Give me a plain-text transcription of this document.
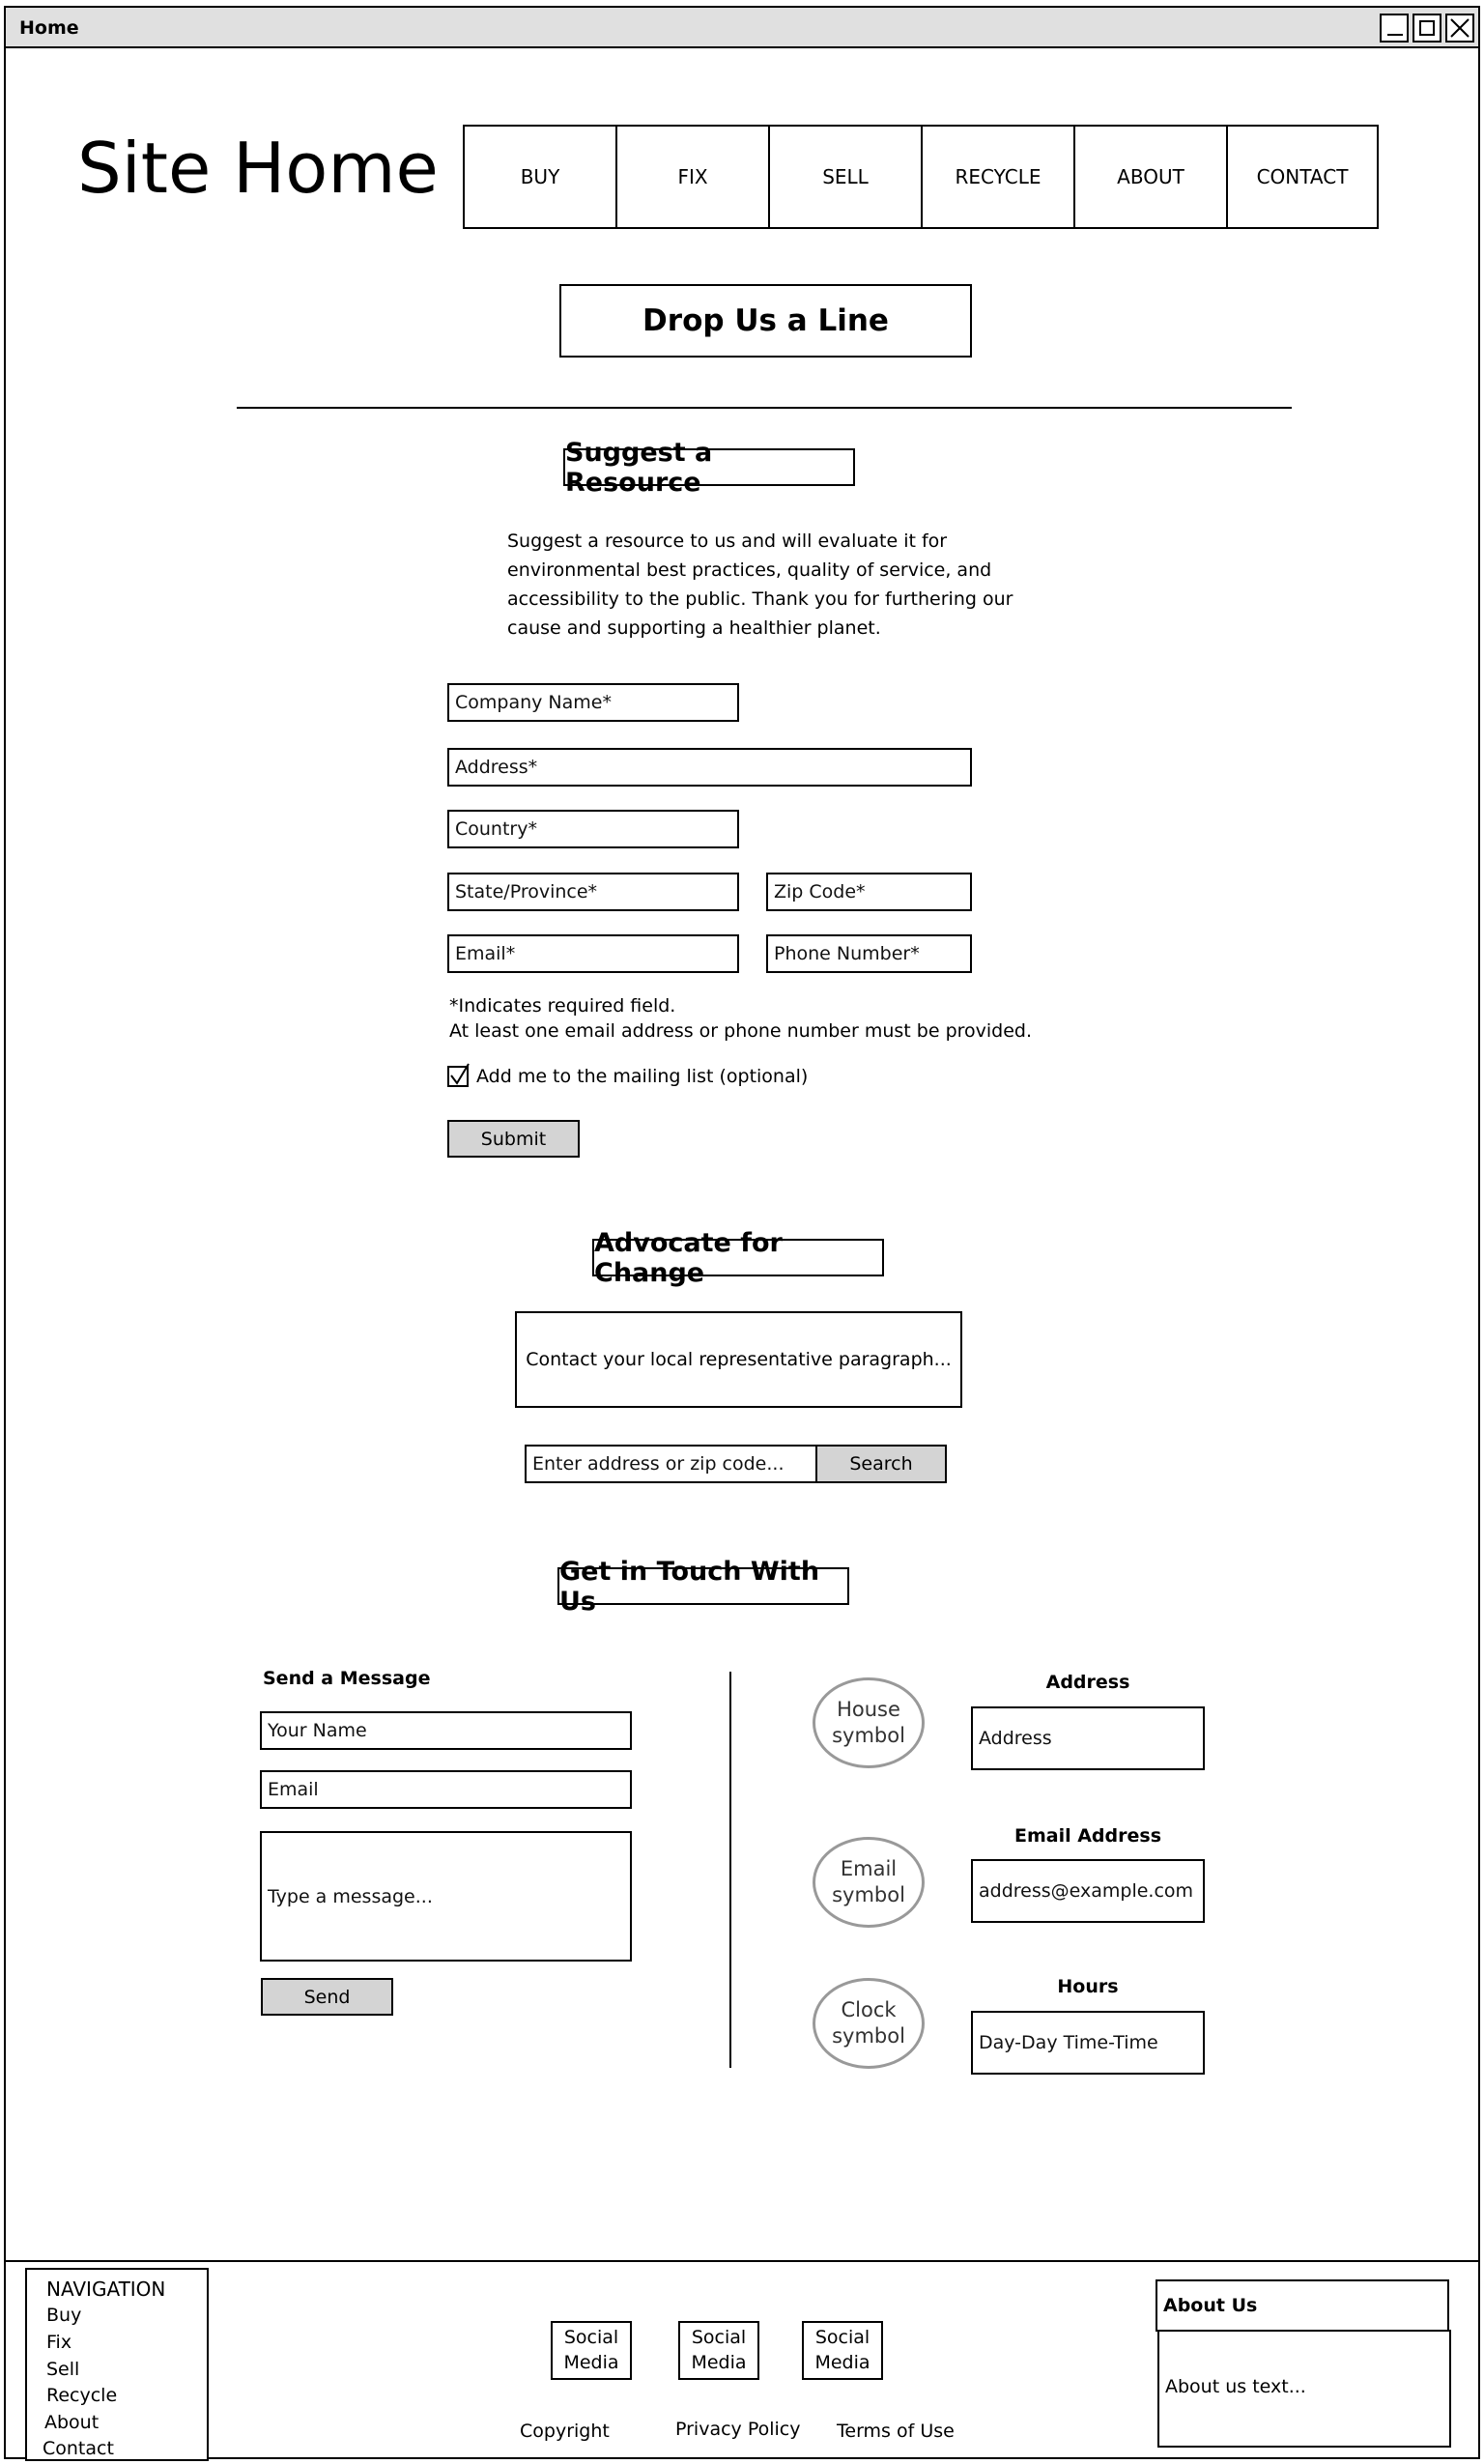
Home
Site Home	BUY	FIX	SELL	RECYCLE	ABOUT	CONTACT
Drop Us a Line
Suggest a Resource
Suggest a resource to us and will evaluate it for environmental best practices, quality of service, and accessibility to the public. Thank you for furthering our cause and supporting a healthier planet.
Company Name*
Address*
Country*
State/Province*	Zip Code*
Email*	Phone Number*
*Indicates required field.
At least one email address or phone number must be provided.
Add me to the mailing list (optional)
Submit
Advocate for Change
Contact your local representative paragraph...
Enter address or zip code...	Search
Get in Touch With Us
Send a Message
Your Name
Email
Type a message...
Send
House symbol
Address
Address
Email symbol
Email Address
address@example.com
Clock symbol
Hours
Day-Day Time-Time
NAVIGATION
Buy
Fix
Sell
Recycle
About
Contact
Social Media
Social Media
Social Media
Copyright	Privacy Policy Terms of Use
About Us
About us text...
